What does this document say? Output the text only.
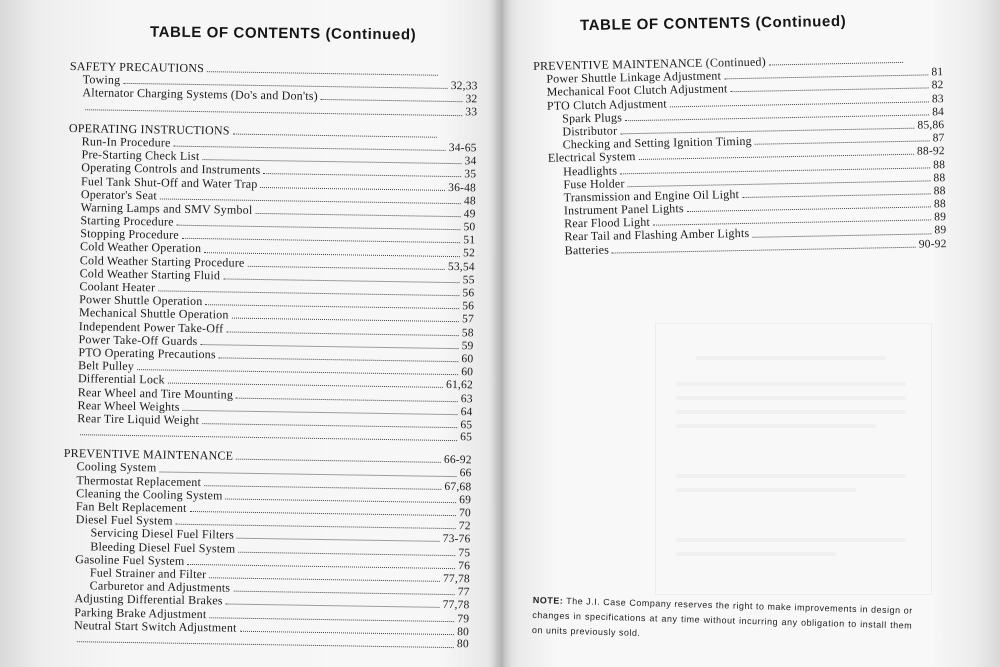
TABLE OF CONTENTS (Continued)
SAFETY PRECAUTIONS
Towing	32,33
Alternator Charging Systems (Do's and Don'ts)	32
33
OPERATING INSTRUCTIONS
Run-In Procedure	34-65
Pre-Starting Check List	34
Operating Controls and Instruments	35
Fuel Tank Shut-Off and Water Trap	36-48
Operator's Seat	48
Warning Lamps and SMV Symbol	49
Starting Procedure	50
Stopping Procedure	51
Cold Weather Operation	52
Cold Weather Starting Procedure	53,54
Cold Weather Starting Fluid	55
Coolant Heater	56
Power Shuttle Operation	56
Mechanical Shuttle Operation	57
Independent Power Take-Off	58
Power Take-Off Guards	59
PTO Operating Precautions	60
Belt Pulley	60
Differential Lock	61,62
Rear Wheel and Tire Mounting	63
Rear Wheel Weights	64
Rear Tire Liquid Weight	65
65
PREVENTIVE MAINTENANCE	66-92
Cooling System	66
Thermostat Replacement	67,68
Cleaning the Cooling System	69
Fan Belt Replacement	70
Diesel Fuel System	72
Servicing Diesel Fuel Filters	73-76
Bleeding Diesel Fuel System	75
Gasoline Fuel System	76
Fuel Strainer and Filter	77,78
Carburetor and Adjustments	77
Adjusting Differential Brakes	77,78
Parking Brake Adjustment	79
Neutral Start Switch Adjustment	80
80
TABLE OF CONTENTS (Continued)
PREVENTIVE MAINTENANCE (Continued)
Power Shuttle Linkage Adjustment	81
Mechanical Foot Clutch Adjustment	82
PTO Clutch Adjustment	83
Spark Plugs	84
Distributor	85,86
Checking and Setting Ignition Timing	87
Electrical System	88-92
Headlights	88
Fuse Holder	88
Transmission and Engine Oil Light	88
Instrument Panel Lights	88
Rear Flood Light	89
Rear Tail and Flashing Amber Lights	89
Batteries	90-92

NOTE: The J.I. Case Company reserves the right to make improvements in design or changes in specifications at any time without incurring any obligation to install them on units previously sold.
